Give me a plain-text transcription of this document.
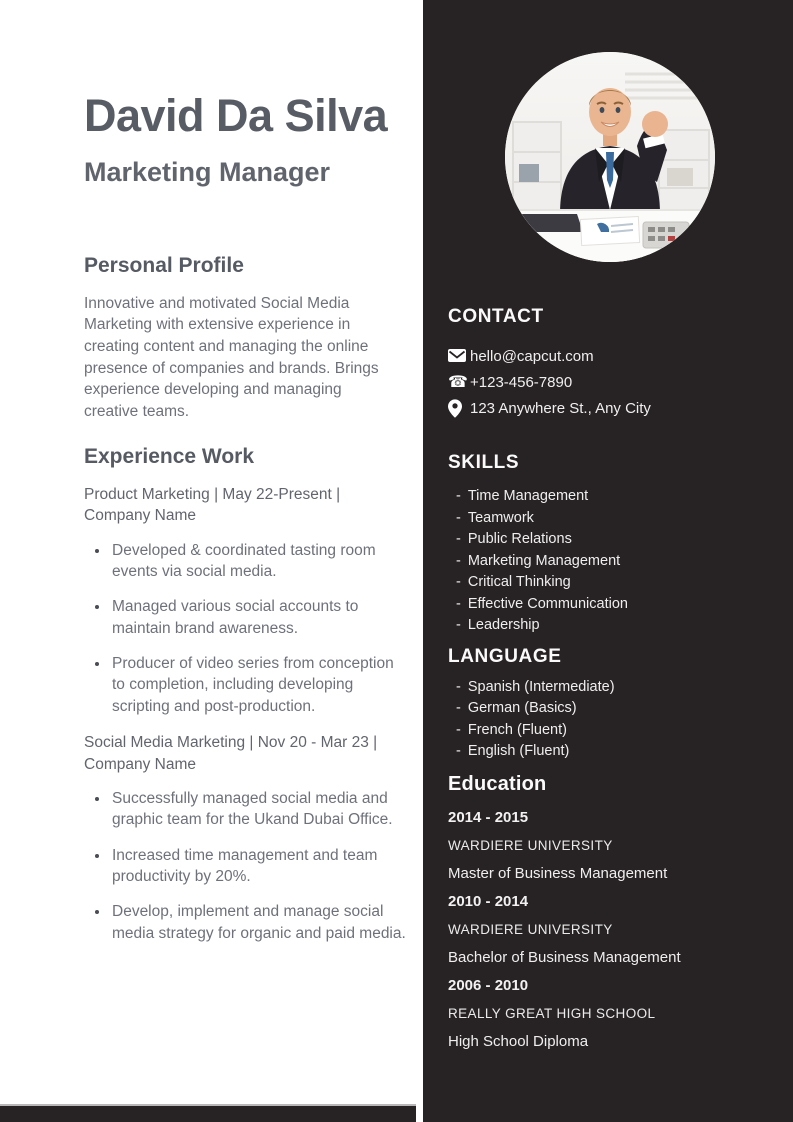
David Da Silva
Marketing Manager
Personal Profile

Innovative and motivated Social Media Marketing with extensive experience in creating content and managing the online presence of companies and brands. Brings experience developing and managing creative teams.

Experience Work
Product Marketing | May 22-Present | Company Name
• Developed & coordinated tasting room events via social media.
• Managed various social accounts to maintain brand awareness.
• Producer of video series from conception to completion, including developing scripting and post-production.
Social Media Marketing | Nov 20 - Mar 23 | Company Name
• Successfully managed social media and graphic team for the Ukand Dubai Office.
• Increased time management and team productivity by 20%.
• Develop, implement and manage social media strategy for organic and paid media.
CONTACT
hello@capcut.com
☎ +123-456-7890
123 Anywhere St., Any City
SKILLS
- Time Management
- Teamwork
- Public Relations
- Marketing Management
- Critical Thinking
- Effective Communication
- Leadership
LANGUAGE
- Spanish (Intermediate)
- German (Basics)
- French (Fluent)
- English (Fluent)
Education
2014 - 2015
WARDIERE UNIVERSITY
Master of Business Management
2010 - 2014
WARDIERE UNIVERSITY
Bachelor of Business Management
2006 - 2010
REALLY GREAT HIGH SCHOOL
High School Diploma
